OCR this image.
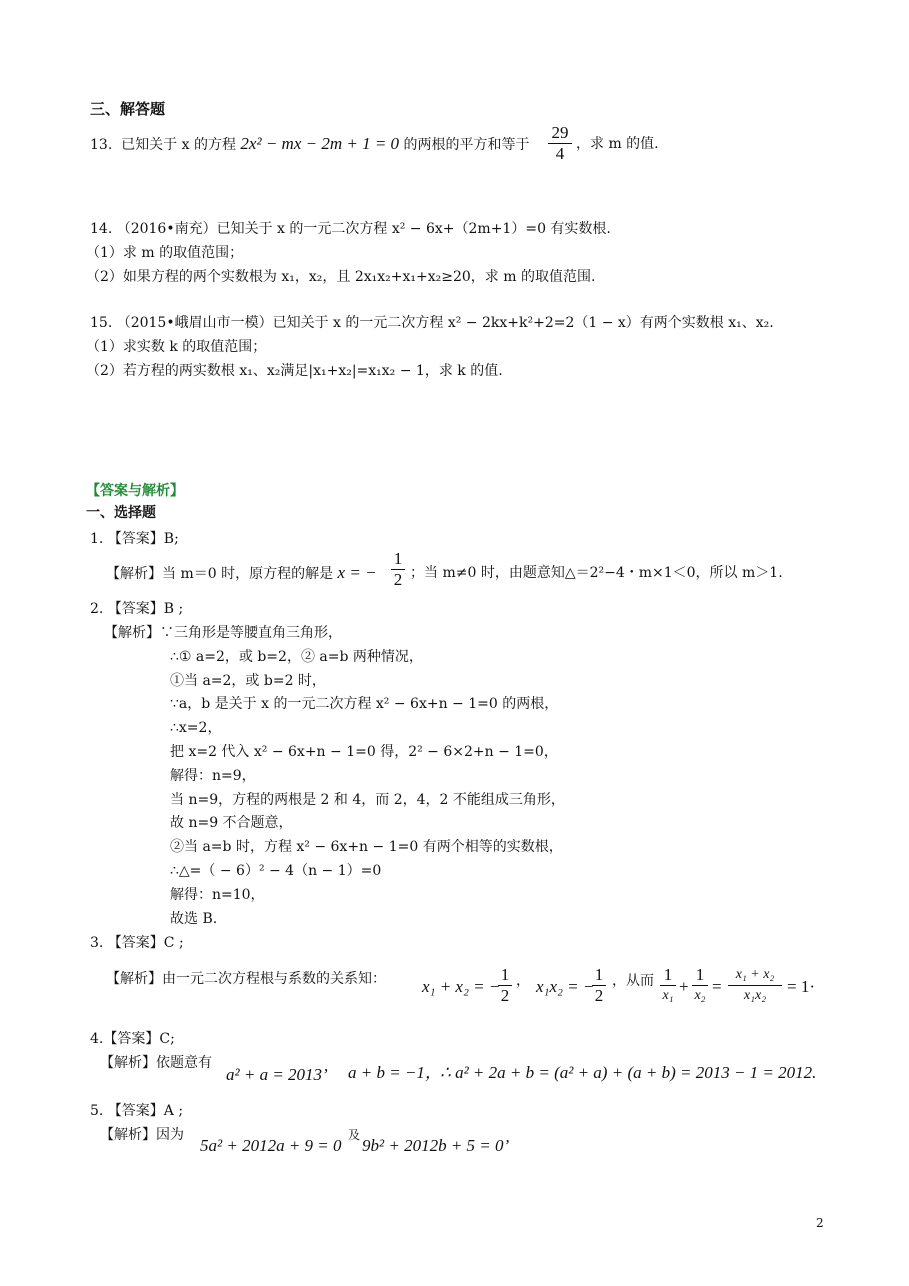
三、解答题
13. 已知关于 x 的方程 2x² − mx − 2m + 1 = 0 的两根的平方和等于
29
4 ，求 m 的值.
14. （2016•南充）已知关于 x 的一元二次方程 x² − 6x+（2m+1）=0 有实数根.
（1）求 m 的取值范围；
（2）如果方程的两个实数根为 x₁，x₂，且 2x₁x₂+x₁+x₂≥20，求 m 的取值范围.
15. （2015•峨眉山市一模）已知关于 x 的一元二次方程 x² − 2kx+k²+2=2（1 − x）有两个实数根 x₁、x₂.
（1）求实数 k 的取值范围；
（2）若方程的两实数根 x₁、x₂满足|x₁+x₂|=x₁x₂ − 1，求 k 的值.
【答案与解析】
一、选择题
1. 【答案】B;
【解析】当 m＝0 时，原方程的解是 x = −
1
2 ；当 m≠0 时，由题意知△＝2²−4・m×1＜0，所以 m＞1.
2. 【答案】B ;
【解析】∵三角形是等腰直角三角形，
∴① a=2，或 b=2，② a=b 两种情况，
①当 a=2，或 b=2 时，
∵a，b 是关于 x 的一元二次方程 x² − 6x+n − 1=0 的两根，
∴x=2，
把 x=2 代入 x² − 6x+n − 1=0 得，2² − 6×2+n − 1=0，
解得：n=9，
当 n=9，方程的两根是 2 和 4，而 2，4，2 不能组成三角形，
故 n=9 不合题意，
②当 a=b 时，方程 x² − 6x+n − 1=0 有两个相等的实数根，
∴△=（ − 6）² − 4（n − 1）=0
解得：n=10，
故选 B.
3. 【答案】C ;
【解析】由一元二次方程根与系数的关系知： x₁ + x₂ = −
1
2
， x₁x₂ = −
1
2
，从而 1
x₁ +
1
x₂ =
x₁ + x₂
x₁x₂	= 1·
4.【答案】C;
【解析】依题意有
a² + a = 2013’ a + b = −1，
∴ a² + 2a + b = (a² + a) + (a + b) = 2013 − 1 = 2012.
5. 【答案】A ;
【解析】因为
5a² + 2012a + 9 = 0
及
9b² + 2012b + 5 = 0’
2
